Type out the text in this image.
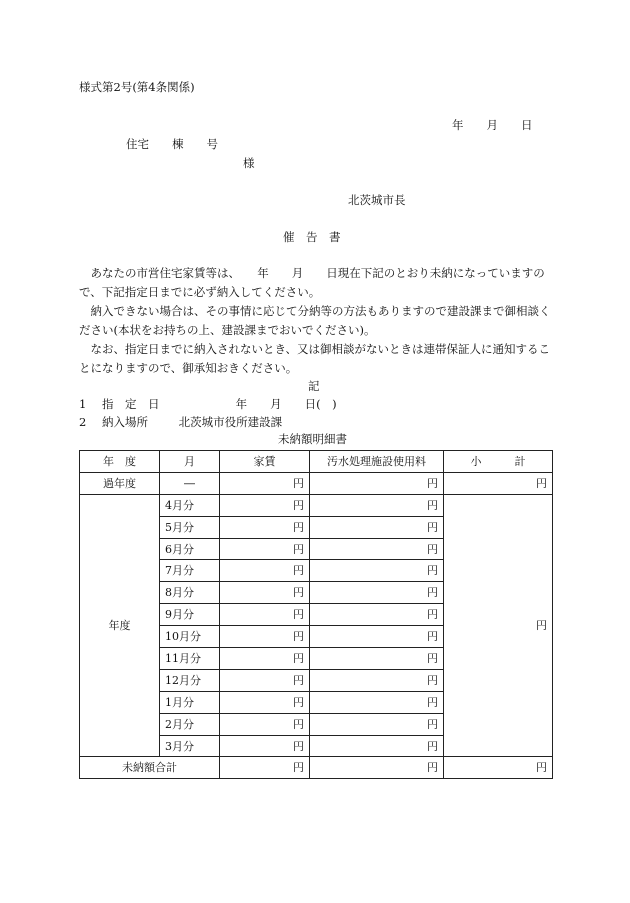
様式第2号(第4条関係)
年　　月　　日
住宅　　棟　　号
様
北茨城市長
催　告　書
　あなたの市営住宅家賃等は、　　年　　月　　日現在下記のとおり未納になっていますので、下記指定日までに必ず納入してください。
　納入できない場合は、その事情に応じて分納等の方法もありますので建設課まで御相談ください(本状をお持ちの上、建設課までおいでください)。
　なお、指定日までに納入されないとき、又は御相談がないときは連帯保証人に通知することになりますので、御承知おきください。
記
1 指　定　日	年　　月　　日(　)
2 納入場所	北茨城市役所建設課
未納額明細書
年　度	月	家賃	汚水処理施設使用料	小　　　計
過年度	―	円	円	円
年度	4月分	円	円	円
	5月分	円	円	
	6月分	円	円	
	7月分	円	円	
	8月分	円	円	
	9月分	円	円	
	10月分	円	円	
	11月分	円	円	
	12月分	円	円	
	1月分	円	円	
	2月分	円	円	
	3月分	円	円	
未納額合計		円	円	円
